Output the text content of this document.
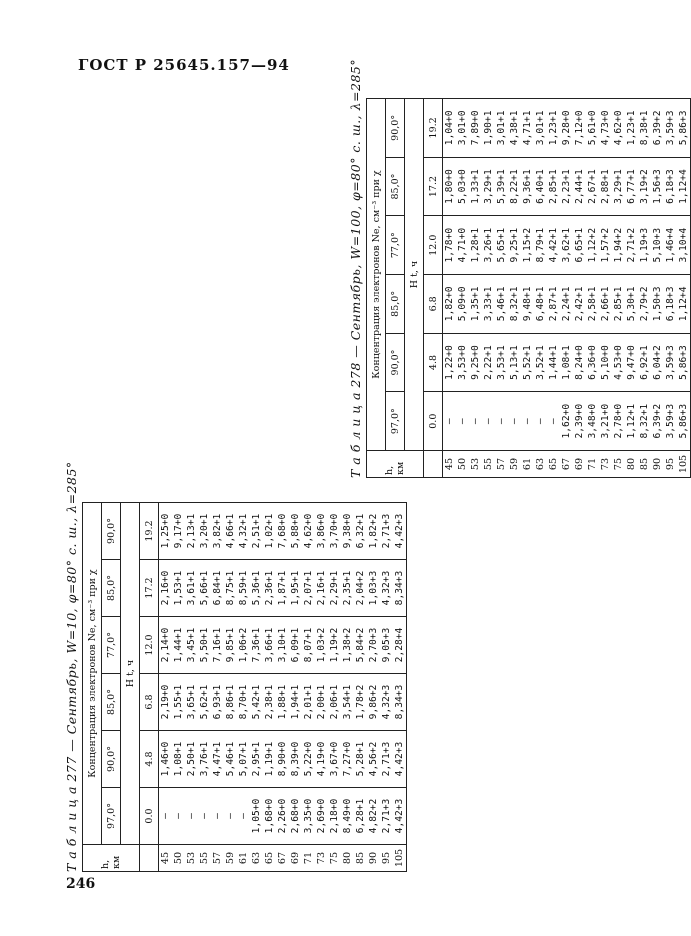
ГОСТ Р 25645.157—94
Т а б л и ц а 277 — Сентябрь, W=10, φ=80° с. ш., λ=285°	h, км	Концентрация электронов Nе, см⁻³ при χ					
	97,0°	90,0°	85,0°	77,0°	85,0°	90,0°
	H t, ч					
	0.0	4.8	6.8	12.0	17.2	19.2
45	—	1,46+0	2,19+0	2,14+0	2,16+0	1,25+0
50	—	1,08+1	1,55+1	1,44+1	1,53+1	9,17+0
53	—	2,50+1	3,65+1	3,45+1	3,61+1	2,13+1
55	—	3,76+1	5,62+1	5,50+1	5,66+1	3,20+1
57	—	4,47+1	6,93+1	7,16+1	6,84+1	3,82+1
59	—	5,46+1	8,86+1	9,85+1	8,75+1	4,66+1
61	—	5,07+1	8,70+1	1,06+2	8,59+1	4,32+1
63	1,05+0	2,95+1	5,42+1	7,36+1	5,36+1	2,51+1
65	1,68+0	1,19+1	2,38+1	3,66+1	2,36+1	1,02+1
67	2,26+0	8,90+0	1,88+1	3,10+1	1,87+1	7,68+0
69	2,68+0	8,39+0	1,94+1	6,09+1	1,95+1	5,88+0
71	3,35+0	5,22+0	2,01+1	8,07+1	2,07+1	4,62+0
73	2,69+0	4,19+0	2,00+1	1,03+2	2,16+1	3,86+0
75	2,18+0	3,67+0	2,06+1	1,19+2	2,29+1	3,70+0
80	8,49+0	7,27+0	3,54+1	1,38+2	2,35+1	9,38+0
85	6,28+1	5,28+1	1,78+2	5,84+2	2,04+2	6,32+1
90	4,82+2	4,56+2	9,86+2	2,70+3	1,03+3	1,82+2
95	2,71+3	2,71+3	4,32+3	9,05+3	4,32+3	2,71+3
105	4,42+3	4,42+3	8,34+3	2,28+4	8,34+3	4,42+3
Т а б л и ц а 278 — Сентябрь, W=100, φ=80° с. ш., λ=285°	h, км	Концентрация электронов Nе, см⁻³ при χ					
	97,0°	90,0°	85,0°	77,0°	85,0°	90,0°
	H t, ч					
	0.0	4.8	6.8	12.0	17.2	19.2
45	—	1,22+0	1,82+0	1,78+0	1,80+0	1,04+0
50	—	3,53+0	5,09+0	4,71+0	5,03+0	3,01+0
53	—	9,25+0	1,35+1	1,28+1	1,33+1	7,89+0
55	—	2,22+1	3,33+1	3,26+1	3,29+1	1,90+1
57	—	3,53+1	5,46+1	5,65+1	5,39+1	3,01+1
59	—	5,13+1	8,32+1	9,25+1	8,22+1	4,38+1
61	—	5,52+1	9,48+1	1,15+2	9,36+1	4,71+1
63	—	3,52+1	6,48+1	8,79+1	6,40+1	3,01+1
65	—	1,44+1	2,87+1	4,42+1	2,85+1	1,23+1
67	1,62+0	1,08+1	2,24+1	3,62+1	2,23+1	9,28+0
69	2,39+0	8,24+0	2,42+1	6,65+1	2,44+1	7,12+0
71	3,48+0	6,36+0	2,58+1	1,12+2	2,67+1	5,61+0
73	3,21+0	5,10+0	2,66+1	1,57+2	2,88+1	4,73+0
75	2,78+0	4,53+0	2,85+1	1,94+2	3,29+1	4,62+0
80	1,12+1	9,47+0	5,30+1	2,71+2	6,77+1	1,23+1
85	8,32+1	6,92+1	2,79+2	1,19+3	3,19+2	8,38+1
90	6,39+2	6,04+2	1,50+3	5,10+3	1,56+3	6,39+2
95	3,59+3	3,59+3	6,18+3	1,46+4	6,18+3	3,59+3
105	5,86+3	5,86+3	1,12+4	3,10+4	1,12+4	5,86+3
246
